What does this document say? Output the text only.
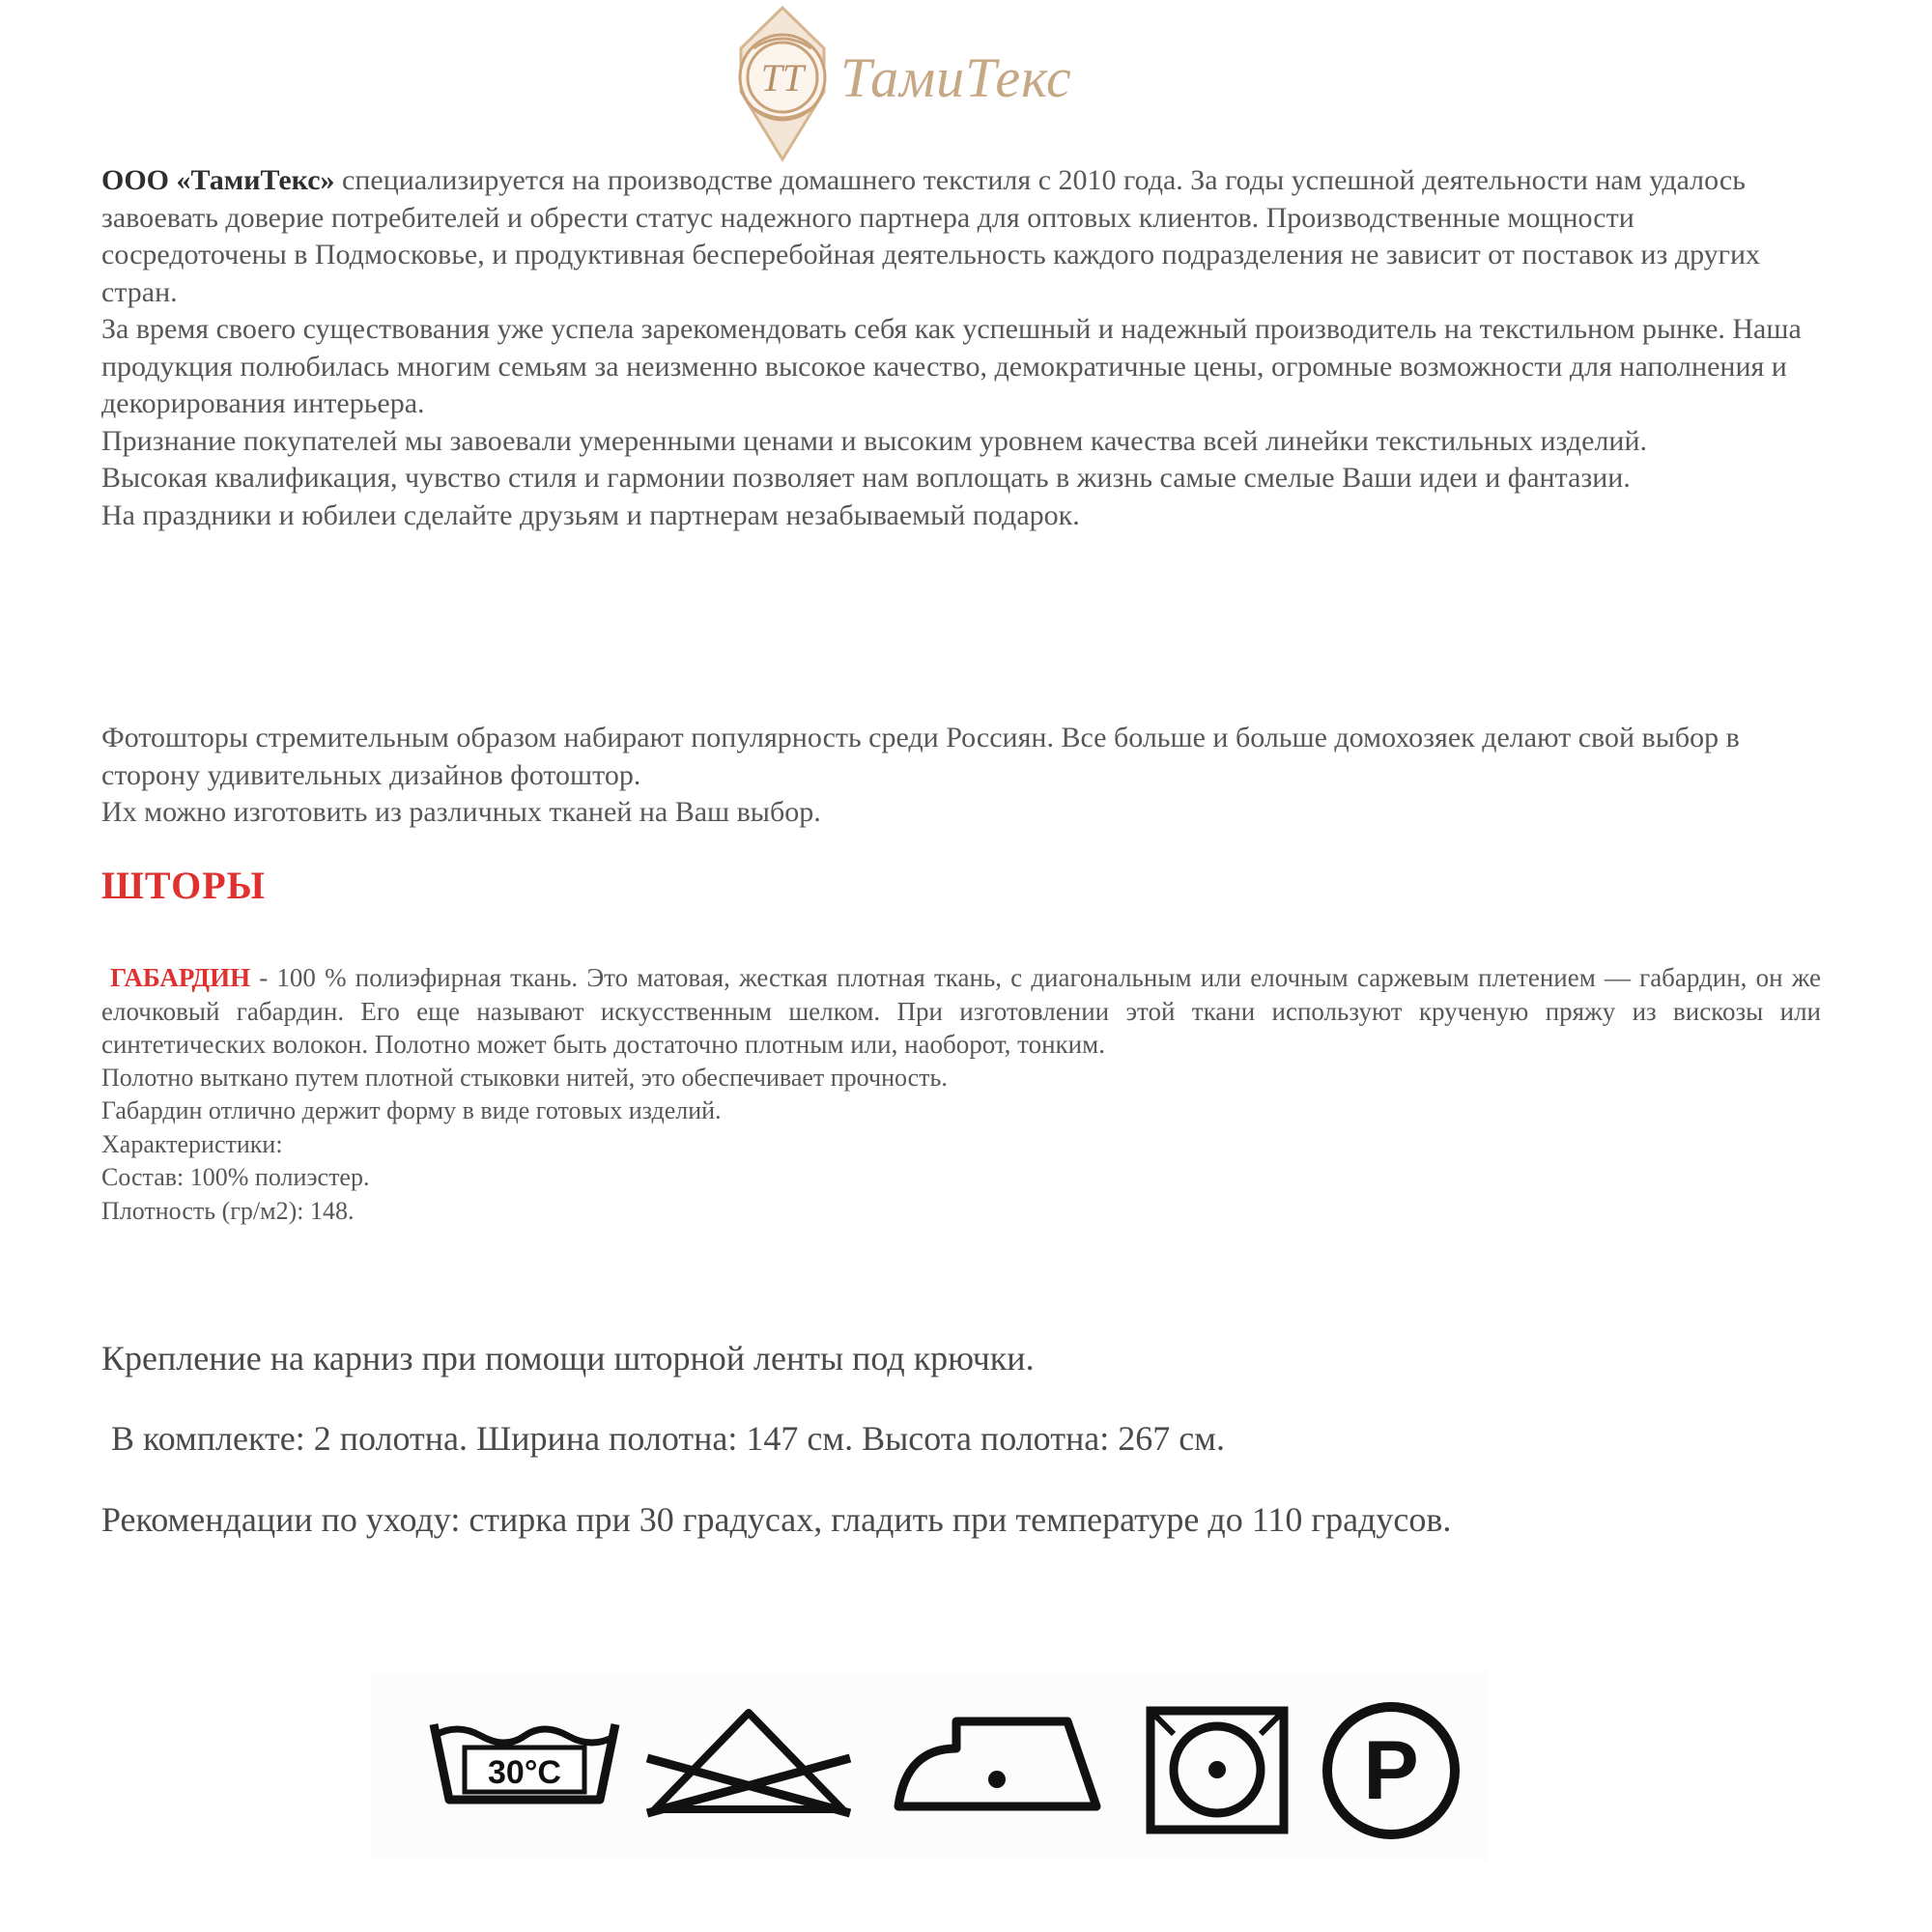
ТТ ТамиТекс

ООО «ТамиТекс» специализируется на производстве домашнего текстиля с 2010 года. За годы успешной деятельности нам удалось завоевать доверие потребителей и обрести статус надежного партнера для оптовых клиентов. Производственные мощности сосредоточены в Подмосковье, и продуктивная бесперебойная деятельность каждого подразделения не зависит от поставок из других стран.

За время своего существования уже успела зарекомендовать себя как успешный и надежный производитель на текстильном рынке. Наша продукция полюбилась многим семьям за неизменно высокое качество, демократичные цены, огромные возможности для наполнения и декорирования интерьера.

Признание покупателей мы завоевали умеренными ценами и высоким уровнем качества всей линейки текстильных изделий.

Высокая квалификация, чувство стиля и гармонии позволяет нам воплощать в жизнь самые смелые Ваши идеи и фантазии.

На праздники и юбилеи сделайте друзьям и партнерам незабываемый подарок.

Фотошторы стремительным образом набирают популярность среди Россиян. Все больше и больше домохозяек делают свой выбор в сторону удивительных дизайнов фотоштор.

Их можно изготовить из различных тканей на Ваш выбор.

ШТОРЫ

ГАБАРДИН - 100 % полиэфирная ткань. Это матовая, жесткая плотная ткань, с диагональным или елочным саржевым плетением — габардин, он же елочковый габардин. Его еще называют искусственным шелком. При изготовлении этой ткани используют крученую пряжу из вискозы или синтетических волокон. Полотно может быть достаточно плотным или, наоборот, тонким.

Полотно выткано путем плотной стыковки нитей, это обеспечивает прочность.

Габардин отлично держит форму в виде готовых изделий.

Характеристики:

Состав: 100% полиэстер.

Плотность (гр/м2): 148.

Крепление на карниз при помощи шторной ленты под крючки.
В комплекте: 2 полотна. Ширина полотна: 147 см. Высота полотна: 267 см.
Рекомендации по уходу: стирка при 30 градусах, гладить при температуре до 110 градусов.
30°C	P
